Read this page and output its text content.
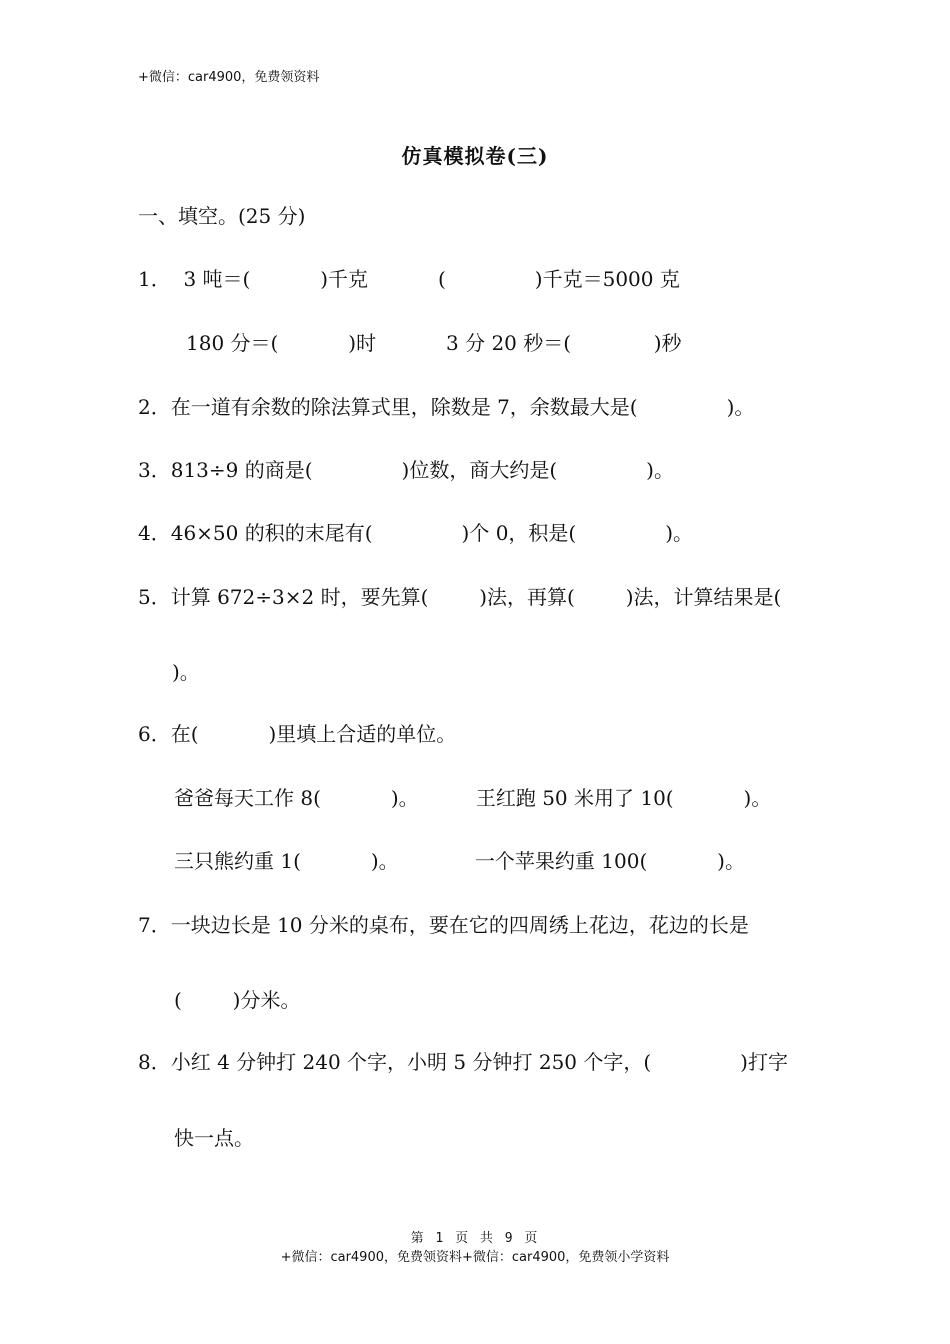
+微信：car4900，免费领资料
仿真模拟卷(三)
一、填空。(25 分)
1．  3 吨＝(           )千克           (              )千克＝5000 克
180 分＝(           )时           3 分 20 秒＝(             )秒
2．在一道有余数的除法算式里，除数是 7，余数最大是(              )。
3．813÷9 的商是(              )位数，商大约是(              )。
4．46×50 的积的末尾有(              )个 0，积是(              )。
5．计算 672÷3×2 时，要先算(        )法，再算(        )法，计算结果是(
)。
6．在(           )里填上合适的单位。
爸爸每天工作 8(           )。         王红跑 50 米用了 10(           )。
三只熊约重 1(           )。            一个苹果约重 100(           )。
7．一块边长是 10 分米的桌布，要在它的四周绣上花边，花边的长是
(        )分米。
8．小红 4 分钟打 240 个字，小明 5 分钟打 250 个字，(              )打字
快一点。
第 1 页 共 9 页
+微信：car4900，免费领资料+微信：car4900，免费领小学资料
